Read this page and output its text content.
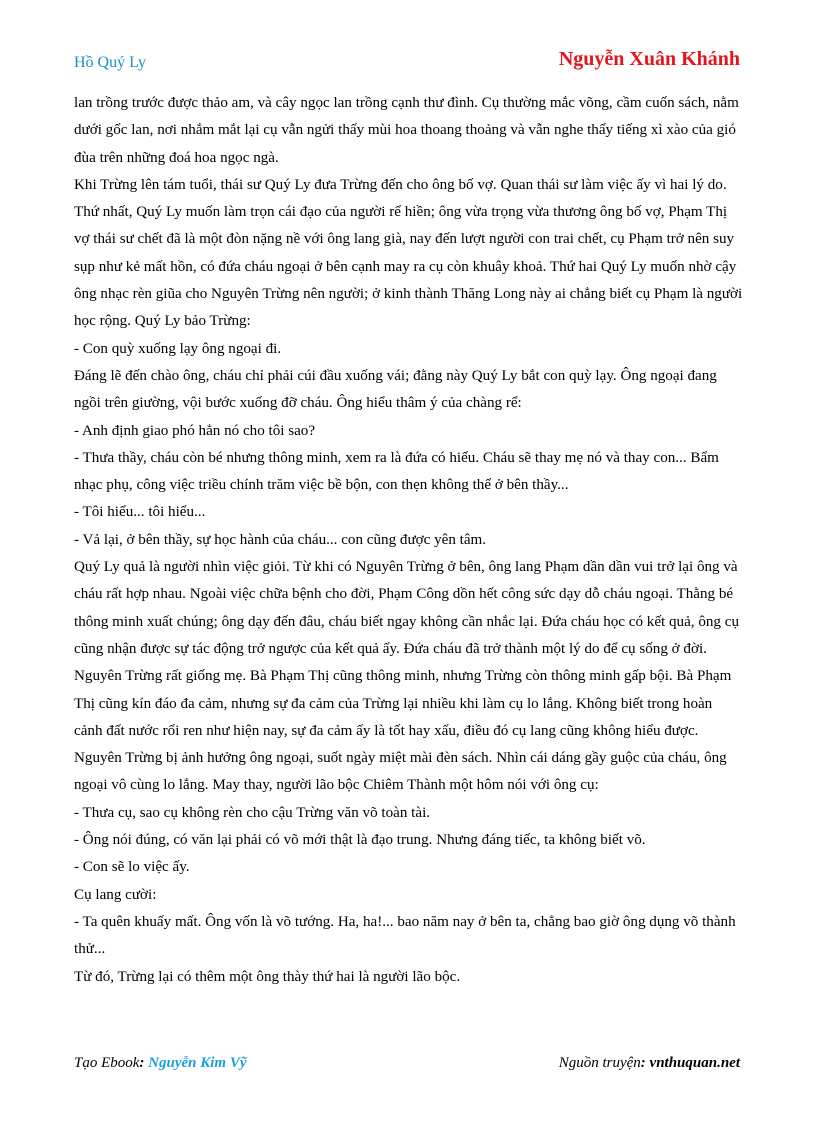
Hồ Quý Ly	Nguyễn Xuân Khánh

lan trồng trước được thảo am, và cây ngọc lan trồng cạnh thư đình. Cụ thường mắc võng, cầm cuốn sách, nằm dưới gốc lan, nơi nhắm mắt lại cụ vẫn ngửi thấy mùi hoa thoang thoảng và vẫn nghe thấy tiếng xì xào của gió đùa trên những đoá hoa ngọc ngà.

Khi Trừng lên tám tuổi, thái sư Quý Ly đưa Trừng đến cho ông bố vợ. Quan thái sư làm việc ấy vì hai lý do. Thứ nhất, Quý Ly muốn làm trọn cái đạo của người rể hiền; ông vừa trọng vừa thương ông bố vợ, Phạm Thị vợ thái sư chết đã là một đòn nặng nề với ông lang già, nay đến lượt người con trai chết, cụ Phạm trở nên suy sụp như kẻ mất hồn, có đứa cháu ngoại ở bên cạnh may ra cụ còn khuây khoả. Thứ hai Quý Ly muốn nhờ cậy ông nhạc rèn giũa cho Nguyên Trừng nên người; ở kinh thành Thăng Long này ai chẳng biết cụ Phạm là người học rộng. Quý Ly bảo Trừng:

- Con quỳ xuống lạy ông ngoại đi.

Đáng lẽ đến chào ông, cháu chỉ phải cúi đầu xuống vái; đằng này Quý Ly bắt con quỳ lạy. Ông ngoại đang ngồi trên giường, vội bước xuống đỡ cháu. Ông hiểu thâm ý của chàng rể:

- Anh định giao phó hẳn nó cho tôi sao?

- Thưa thầy, cháu còn bé nhưng thông minh, xem ra là đứa có hiếu. Cháu sẽ thay mẹ nó và thay con... Bẩm nhạc phụ, công việc triều chính trăm việc bề bộn, con thẹn không thể ở bên thầy...

- Tôi hiểu... tôi hiểu...

- Vả lại, ở bên thầy, sự học hành của cháu... con cũng được yên tâm.

Quý Ly quả là người nhìn việc giỏi. Từ khi có Nguyên Trừng ở bên, ông lang Phạm dần dần vui trở lại ông và cháu rất hợp nhau. Ngoài việc chữa bệnh cho đời, Phạm Công dồn hết công sức dạy dỗ cháu ngoại. Thằng bé thông minh xuất chúng; ông dạy đến đâu, cháu biết ngay không cần nhắc lại. Đứa cháu học có kết quả, ông cụ cũng nhận được sự tác động trở ngược của kết quả ấy. Đứa cháu đã trở thành một lý do để cụ sống ở đời. Nguyên Trừng rất giống mẹ. Bà Phạm Thị cũng thông minh, nhưng Trừng còn thông minh gấp bội. Bà Phạm Thị cũng kín đáo đa cảm, nhưng sự đa cảm của Trừng lại nhiều khi làm cụ lo lắng. Không biết trong hoàn cảnh đất nước rối ren như hiện nay, sự đa cảm ấy là tốt hay xấu, điều đó cụ lang cũng không hiểu được.

Nguyên Trừng bị ảnh hưởng ông ngoại, suốt ngày miệt mài đèn sách. Nhìn cái dáng gầy guộc của cháu, ông ngoại vô cùng lo lắng. May thay, người lão bộc Chiêm Thành một hôm nói với ông cụ:

- Thưa cụ, sao cụ không rèn cho cậu Trừng văn võ toàn tài.

- Ông nói đúng, có văn lại phải có võ mới thật là đạo trung. Nhưng đáng tiếc, ta không biết võ.

- Con sẽ lo việc ấy.

Cụ lang cười:

- Ta quên khuấy mất. Ông vốn là võ tướng. Ha, ha!... bao năm nay ở bên ta, chẳng bao giờ ông dụng võ thành thử...

Từ đó, Trừng lại có thêm một ông thày thứ hai là người lão bộc.

Tạo Ebook: Nguyễn Kim Vỹ	Nguồn truyện: vnthuquan.net
